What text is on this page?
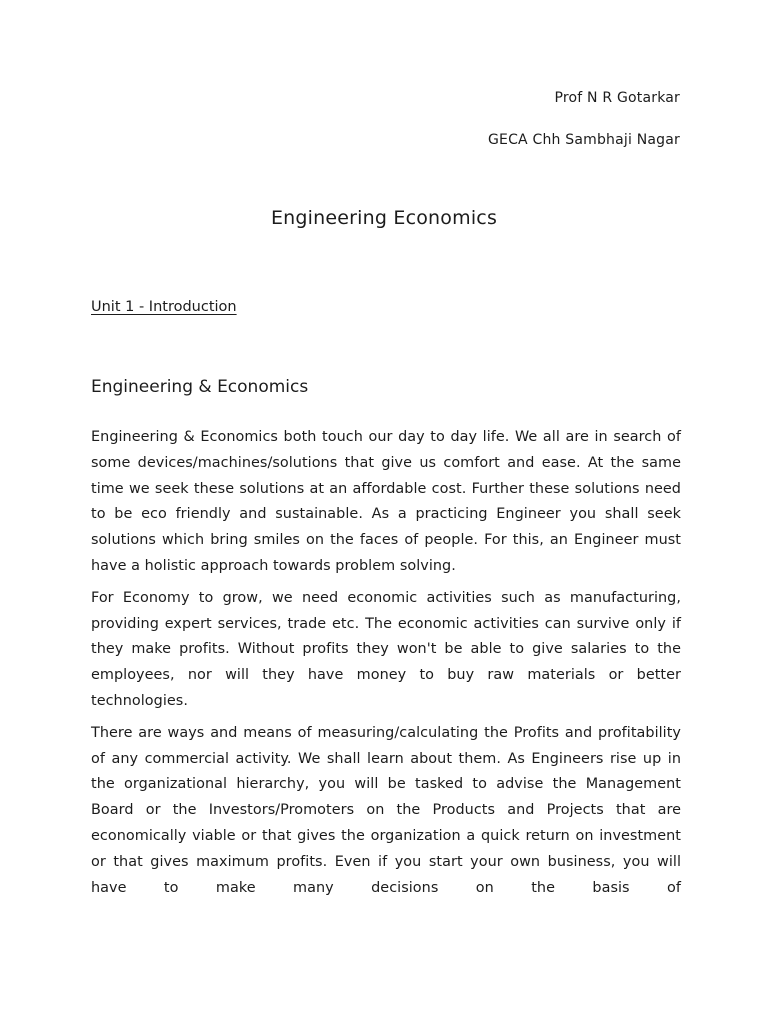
Prof N R Gotarkar
GECA Chh Sambhaji Nagar
Engineering Economics
Unit 1 - Introduction
Engineering & Economics

Engineering & Economics both touch our day to day life. We all are in search of some devices/machines/solutions that give us comfort and ease. At the same time we seek these solutions at an affordable cost. Further these solutions need to be eco friendly and sustainable. As a practicing Engineer you shall seek solutions which bring smiles on the faces of people. For this, an Engineer must have a holistic approach towards problem solving.

For Economy to grow, we need economic activities such as manufacturing, providing expert services, trade etc. The economic activities can survive only if they make profits. Without profits they won't be able to give salaries to the employees, nor will they have money to buy raw materials or better technologies.

There are ways and means of measuring/calculating the Profits and profitability of any commercial activity. We shall learn about them. As Engineers rise up in the organizational hierarchy, you will be tasked to advise the Management Board or the Investors/Promoters on the Products and Projects that are economically viable or that gives the organization a quick return on investment or that gives maximum profits. Even if you start your own business, you will have to make many decisions on the basis of
